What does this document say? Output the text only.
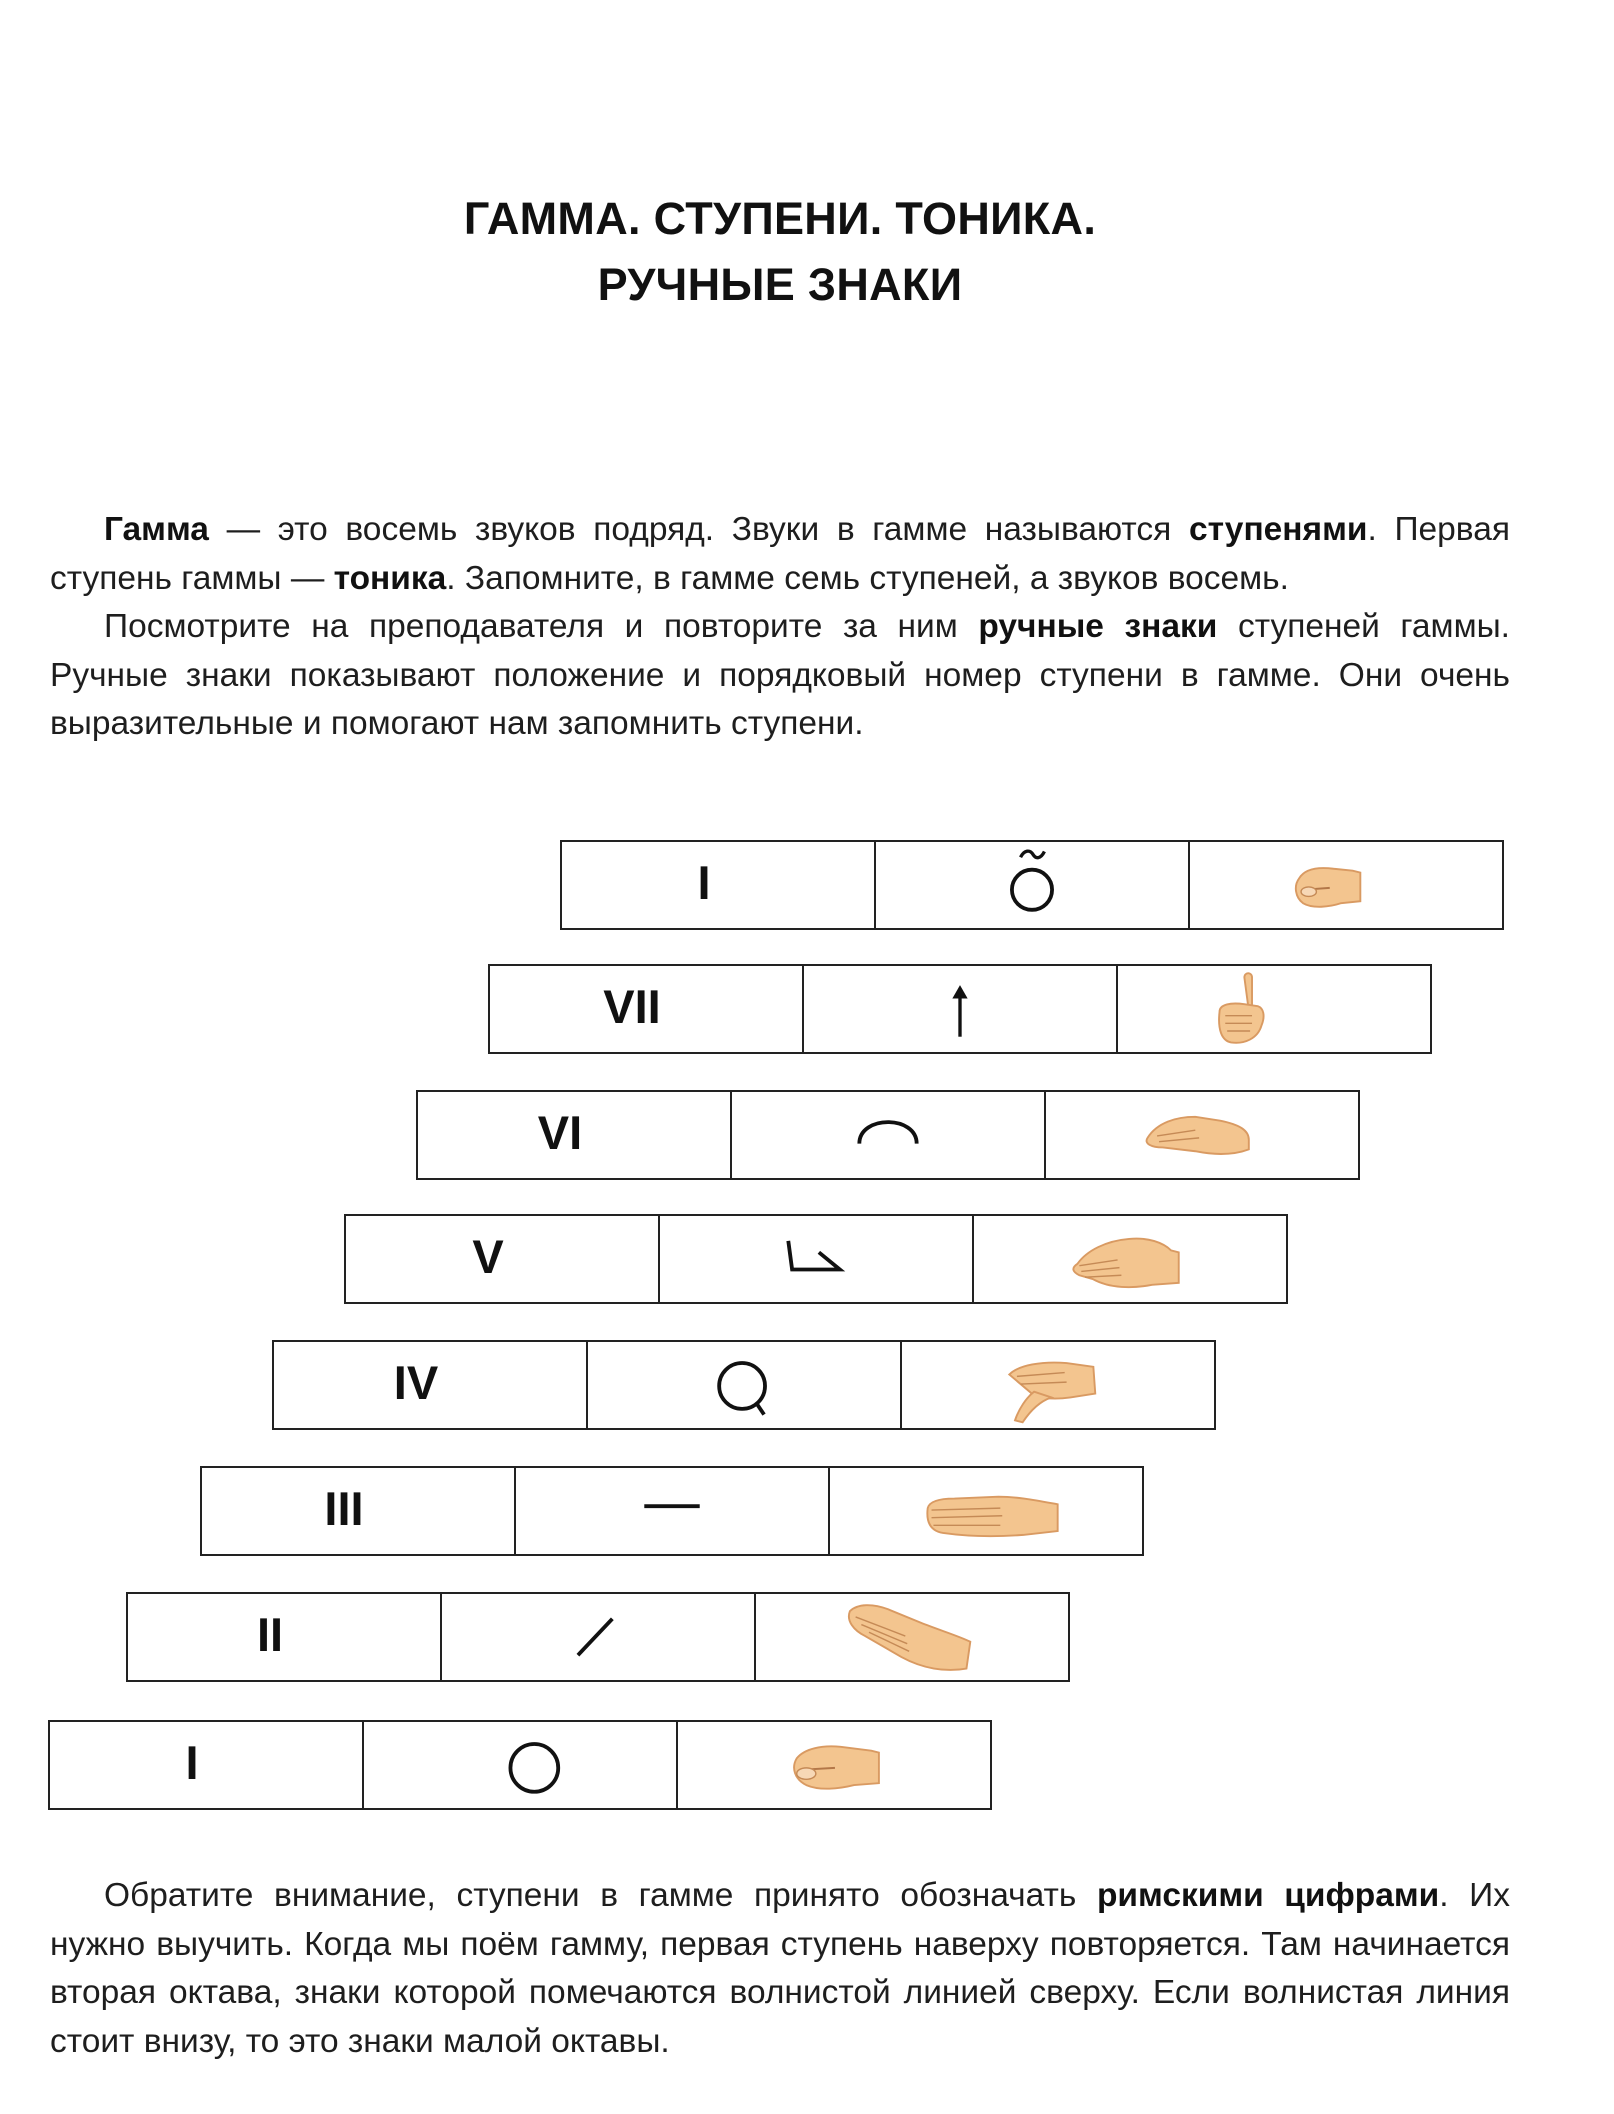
ГАММА. СТУПЕНИ. ТОНИКА.
РУЧНЫЕ ЗНАКИ

Гамма — это восемь звуков подряд. Звуки в гамме называются ступенями. Первая ступень гаммы — тоника. Запомните, в гамме семь ступеней, а звуков восемь.

Посмотрите на преподавателя и повторите за ним ручные знаки ступеней гаммы. Ручные знаки показывают положение и порядковый номер ступени в гамме. Они очень выразительные и помогают нам запомнить ступени.

I
VII
VI
V
IV
III
II
I

Обратите внимание, ступени в гамме принято обозначать римскими цифрами. Их нужно выучить. Когда мы поём гамму, первая ступень наверху повторяется. Там начинается вторая октава, знаки которой помечаются волнистой линией сверху. Если волнистая линия стоит внизу, то это знаки малой октавы.
